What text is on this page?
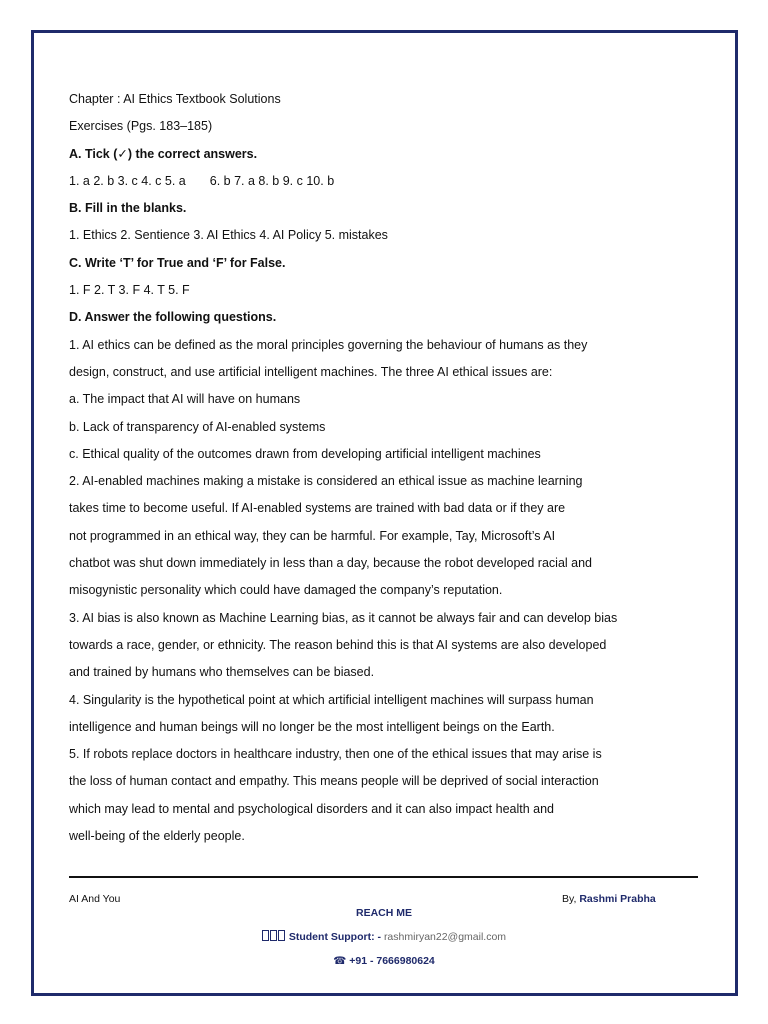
Chapter : AI Ethics Textbook Solutions
Exercises (Pgs. 183–185)
A. Tick (✓) the correct answers.
1. a 2. b 3. c 4. c 5. a 6. b 7. a 8. b 9. c 10. b
B. Fill in the blanks.
1. Ethics 2. Sentience 3. AI Ethics 4. AI Policy 5. mistakes
C. Write ‘T’ for True and ‘F’ for False.
1. F 2. T 3. F 4. T 5. F
D. Answer the following questions.
1. AI ethics can be defined as the moral principles governing the behaviour of humans as they
design, construct, and use artificial intelligent machines. The three AI ethical issues are:
a. The impact that AI will have on humans
b. Lack of transparency of AI-enabled systems
c. Ethical quality of the outcomes drawn from developing artificial intelligent machines
2. AI-enabled machines making a mistake is considered an ethical issue as machine learning
takes time to become useful. If AI-enabled systems are trained with bad data or if they are
not programmed in an ethical way, they can be harmful. For example, Tay, Microsoft’s AI
chatbot was shut down immediately in less than a day, because the robot developed racial and
misogynistic personality which could have damaged the company’s reputation.
3. AI bias is also known as Machine Learning bias, as it cannot be always fair and can develop bias
towards a race, gender, or ethnicity. The reason behind this is that AI systems are also developed
and trained by humans who themselves can be biased.
4. Singularity is the hypothetical point at which artificial intelligent machines will surpass human
intelligence and human beings will no longer be the most intelligent beings on the Earth.
5. If robots replace doctors in healthcare industry, then one of the ethical issues that may arise is
the loss of human contact and empathy. This means people will be deprived of social interaction
which may lead to mental and psychological disorders and it can also impact health and
well-being of the elderly people.
AI And You	By, Rashmi Prabha
REACH ME
Student Support: - rashmiryan22@gmail.com
☎ +91 - 7666980624
